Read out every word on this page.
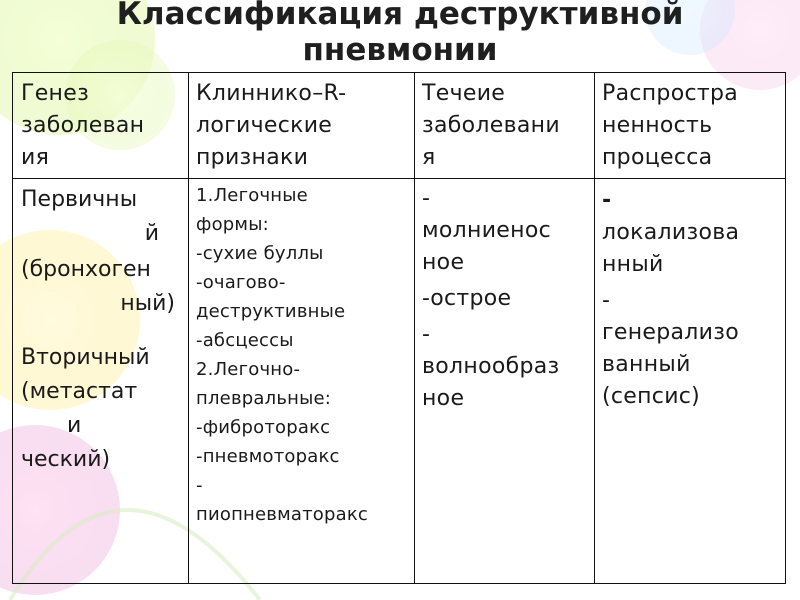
Классификация деструктивной
пневмонии

Генез

заболеван

ия

Клиннико–R-

логические

признаки

Течеие

заболевани

я

Распростра

ненность

процесса

Первичны

й

(бронхоген

ный)

Вторичный

(метастат

и

ческий)

1.Легочные

формы:

-сухие буллы

-очагово-

деструктивные

-абсцессы

2.Легочно-

плевральные:

-фиброторакс

-пневмоторакс

-

пиопневматоракс

-

молниенос

ное

-острое

-

волнообраз

ное

-

локализова

нный

-

генерализо

ванный

(сепсис)
